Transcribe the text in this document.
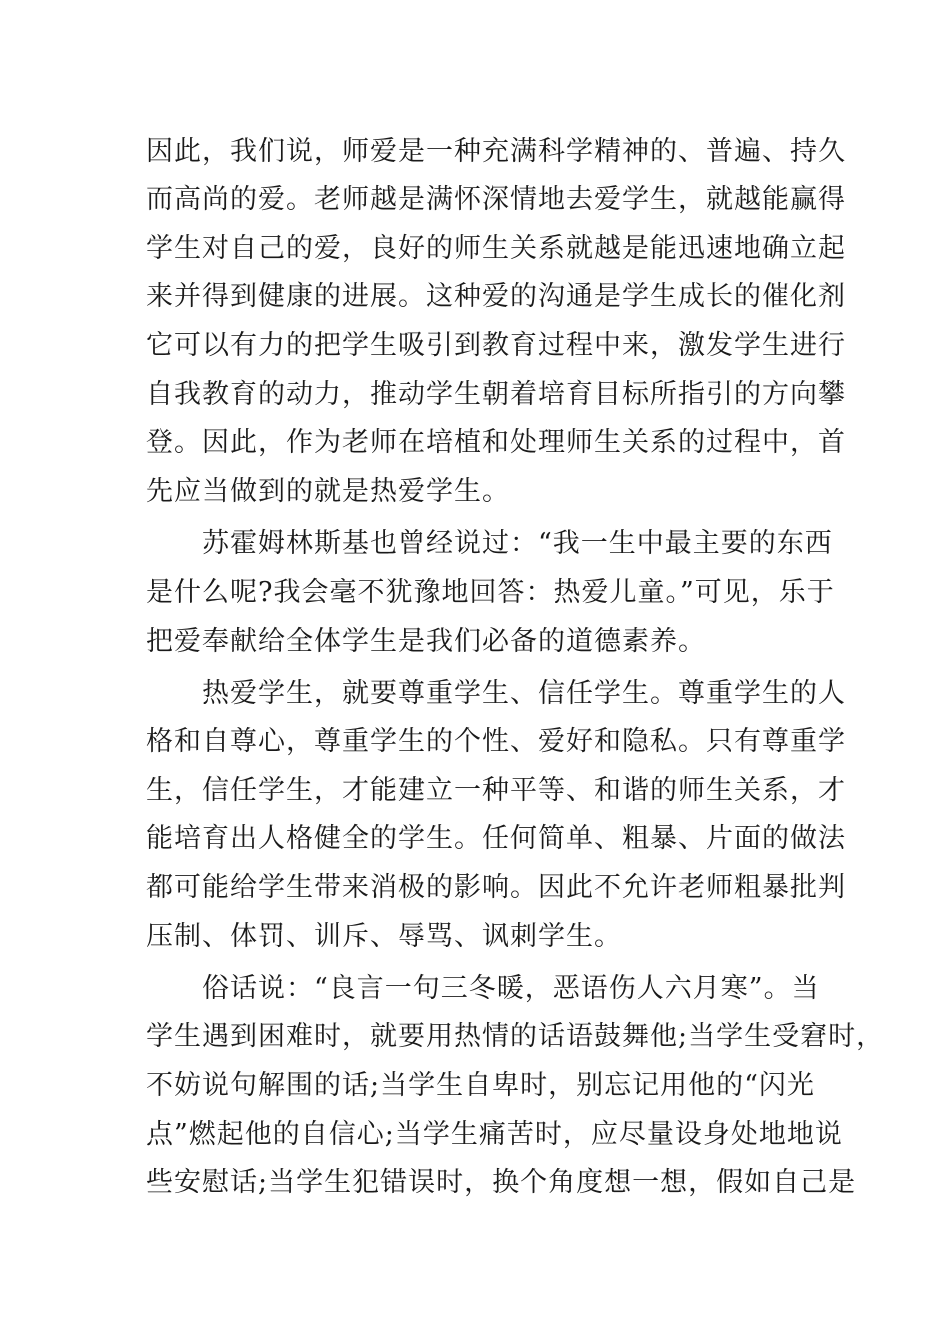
因此，我们说，师爱是一种充满科学精神的、普遍、持久
而高尚的爱。老师越是满怀深情地去爱学生，就越能赢得
学生对自己的爱，良好的师生关系就越是能迅速地确立起
来并得到健康的进展。这种爱的沟通是学生成长的催化剂
它可以有力的把学生吸引到教育过程中来，激发学生进行
自我教育的动力，推动学生朝着培育目标所指引的方向攀
登。因此，作为老师在培植和处理师生关系的过程中，首
先应当做到的就是热爱学生。
　　苏霍姆林斯基也曾经说过：“我一生中最主要的东西
是什么呢?我会毫不犹豫地回答：热爱儿童。”可见，乐于
把爱奉献给全体学生是我们必备的道德素养。
　　热爱学生，就要尊重学生、信任学生。尊重学生的人
格和自尊心，尊重学生的个性、爱好和隐私。只有尊重学
生，信任学生，才能建立一种平等、和谐的师生关系，才
能培育出人格健全的学生。任何简单、粗暴、片面的做法
都可能给学生带来消极的影响。因此不允许老师粗暴批判
压制、体罚、训斥、辱骂、讽刺学生。
　　俗话说：“良言一句三冬暖，恶语伤人六月寒”。当
学生遇到困难时，就要用热情的话语鼓舞他;当学生受窘时，
不妨说句解围的话;当学生自卑时，别忘记用他的“闪光
点”燃起他的自信心;当学生痛苦时，应尽量设身处地地说
些安慰话;当学生犯错误时，换个角度想一想，假如自己是
